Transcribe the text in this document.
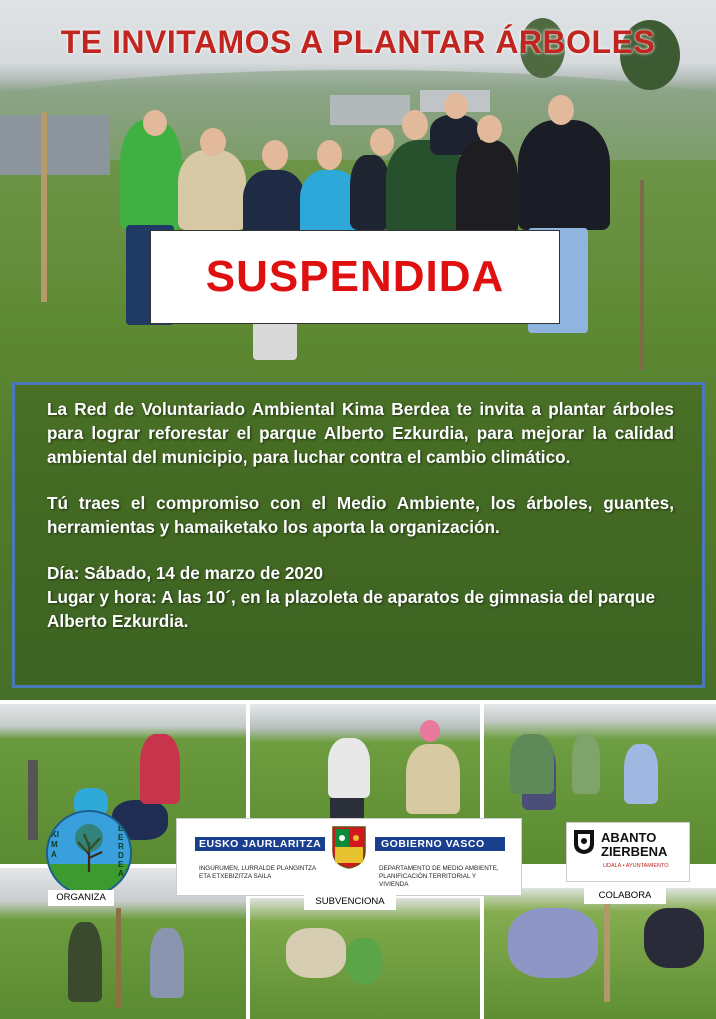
TE INVITAMOS A PLANTAR ÁRBOLES
SUSPENDIDA

La Red de Voluntariado Ambiental Kima Berdea te invita a plantar árboles para lograr reforestar el parque Alberto Ezkurdia, para mejorar la calidad ambiental del municipio, para luchar contra el cambio climático.

Tú traes el compromiso con el Medio Ambiente, los árboles, guantes, herramientas y hamaiketako los aporta la organización.

Día: Sábado, 14 de marzo de 2020
Lugar y hora: A las 10´, en la plazoleta de aparatos de gimnasia del parque Alberto Ezkurdia.

KIMA
BERDEA
ORGANIZA
EUSKO JAURLARITZA	GOBIERNO VASCO
INGURUMEN, LURRALDE PLANGINTZA ETA ETXEBIZITZA SAILA
DEPARTAMENTO DE MEDIO AMBIENTE, PLANIFICACIÓN TERRITORIAL Y VIVIENDA
SUBVENCIONA
ABANTO
ZIERBENA
UDALA • AYUNTAMIENTO
COLABORA
